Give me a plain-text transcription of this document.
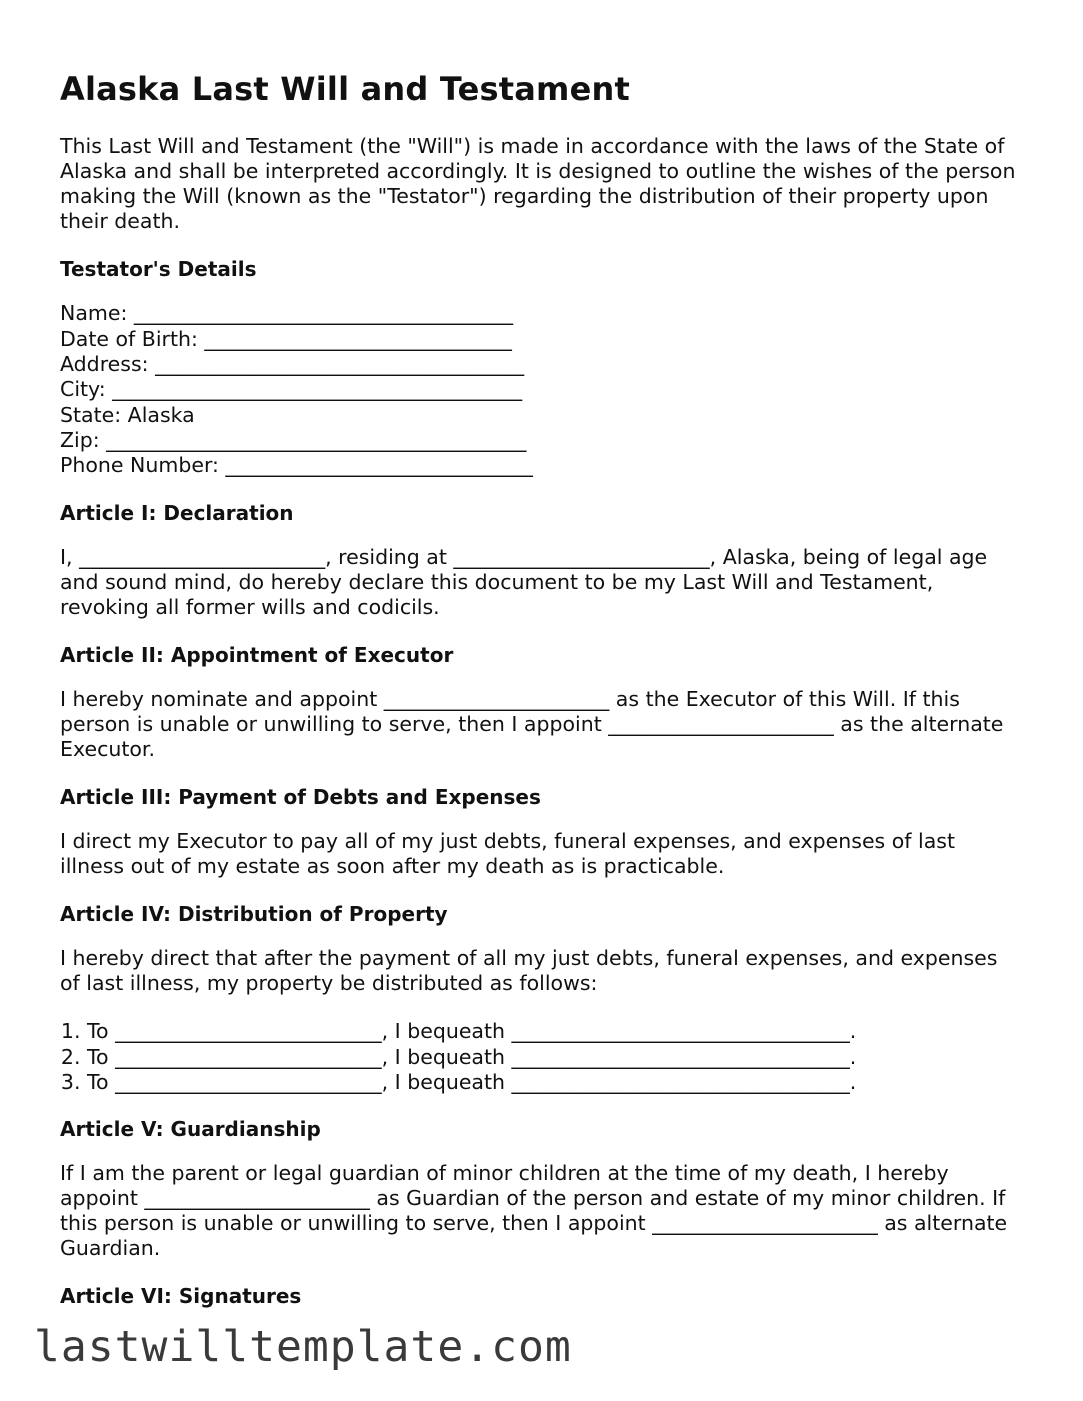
Alaska Last Will and Testament

This Last Will and Testament (the "Will") is made in accordance with the laws of the State of Alaska and shall be interpreted accordingly. It is designed to outline the wishes of the person making the Will (known as the "Testator") regarding the distribution of their property upon their death.

Testator's Details
Name: _____________________________________
Date of Birth: ______________________________
Address: ____________________________________
City: ________________________________________
State: Alaska
Zip: _________________________________________
Phone Number: ______________________________
Article I: Declaration

I, ________________________, residing at _________________________, Alaska, being of legal age and sound mind, do hereby declare this document to be my Last Will and Testament, revoking all former wills and codicils.

Article II: Appointment of Executor

I hereby nominate and appoint ______________________ as the Executor of this Will. If this person is unable or unwilling to serve, then I appoint ______________________ as the alternate Executor.

Article III: Payment of Debts and Expenses

I direct my Executor to pay all of my just debts, funeral expenses, and expenses of last illness out of my estate as soon after my death as is practicable.

Article IV: Distribution of Property

I hereby direct that after the payment of all my just debts, funeral expenses, and expenses of last illness, my property be distributed as follows:

1. To __________________________, I bequeath _________________________________.
2. To __________________________, I bequeath _________________________________.
3. To __________________________, I bequeath _________________________________.
Article V: Guardianship

If I am the parent or legal guardian of minor children at the time of my death, I hereby appoint ______________________ as Guardian of the person and estate of my minor children. If this person is unable or unwilling to serve, then I appoint ______________________ as alternate Guardian.

Article VI: Signatures
lastwilltemplate.com
